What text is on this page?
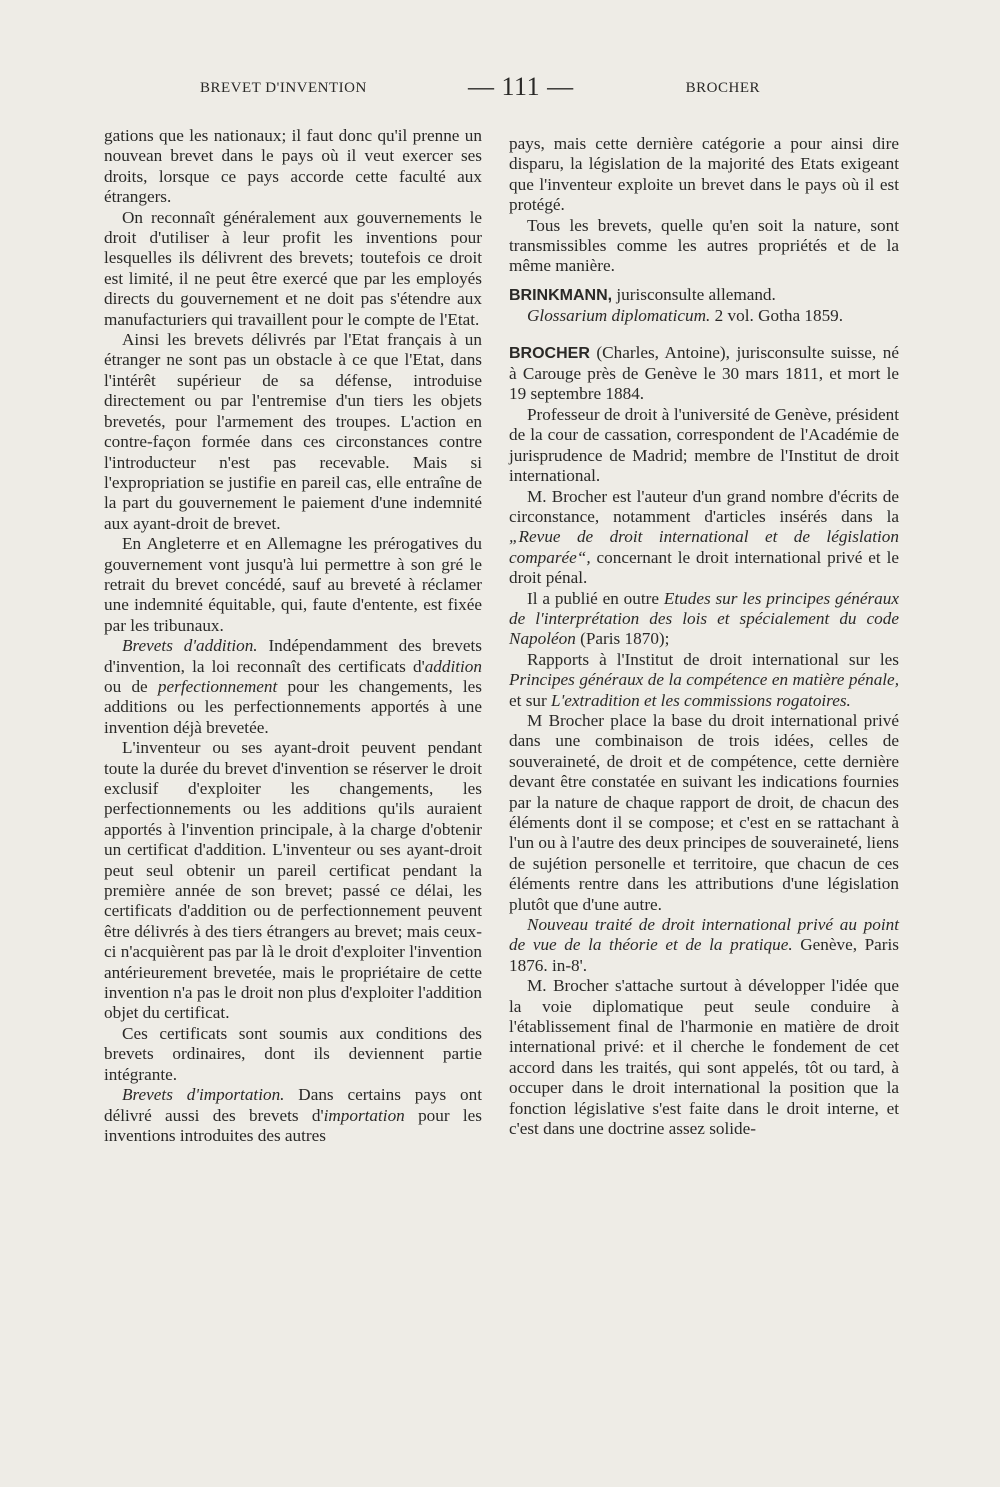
BREVET D'INVENTION	— 111 —	BROCHER

gations que les nationaux; il faut donc qu'il prenne un nouvean brevet dans le pays où il veut exercer ses droits, lorsque ce pays accorde cette faculté aux étrangers.

On reconnaît généralement aux gouvernements le droit d'utiliser à leur profit les inventions pour lesquelles ils délivrent des brevets; toutefois ce droit est limité, il ne peut être exercé que par les employés directs du gouvernement et ne doit pas s'étendre aux manufacturiers qui travaillent pour le compte de l'Etat.

Ainsi les brevets délivrés par l'Etat français à un étranger ne sont pas un obstacle à ce que l'Etat, dans l'intérêt supérieur de sa défense, introduise directement ou par l'entremise d'un tiers les objets brevetés, pour l'armement des troupes. L'action en contre-façon formée dans ces circonstances contre l'introducteur n'est pas recevable. Mais si l'expropriation se justifie en pareil cas, elle entraîne de la part du gouvernement le paiement d'une indemnité aux ayant-droit de brevet.

En Angleterre et en Allemagne les prérogatives du gouvernement vont jusqu'à lui permettre à son gré le retrait du brevet concédé, sauf au breveté à réclamer une indemnité équitable, qui, faute d'entente, est fixée par les tribunaux.

Brevets d'addition. Indépendamment des brevets d'invention, la loi reconnaît des certificats d'addition ou de perfectionnement pour les changements, les additions ou les perfectionnements apportés à une invention déjà brevetée.

L'inventeur ou ses ayant-droit peuvent pendant toute la durée du brevet d'invention se réserver le droit exclusif d'exploiter les changements, les perfectionnements ou les additions qu'ils auraient apportés à l'invention principale, à la charge d'obtenir un certificat d'addition. L'inventeur ou ses ayant-droit peut seul obtenir un pareil certificat pendant la première année de son brevet; passé ce délai, les certificats d'addition ou de perfectionnement peuvent être délivrés à des tiers étrangers au brevet; mais ceux-ci n'acquièrent pas par là le droit d'exploiter l'invention antérieurement brevetée, mais le propriétaire de cette invention n'a pas le droit non plus d'exploiter l'addition objet du certificat.

Ces certificats sont soumis aux conditions des brevets ordinaires, dont ils deviennent partie intégrante.

Brevets d'importation. Dans certains pays ont délivré aussi des brevets d'importation pour les inventions introduites des autres

pays, mais cette dernière catégorie a pour ainsi dire disparu, la législation de la majorité des Etats exigeant que l'inventeur exploite un brevet dans le pays où il est protégé.

Tous les brevets, quelle qu'en soit la nature, sont transmissibles comme les autres propriétés et de la même manière.

BRINKMANN, jurisconsulte allemand.

Glossarium diplomaticum. 2 vol. Gotha 1859.

BROCHER (Charles, Antoine), jurisconsulte suisse, né à Carouge près de Genève le 30 mars 1811, et mort le 19 septembre 1884.

Professeur de droit à l'université de Genève, président de la cour de cassation, correspondent de l'Académie de jurisprudence de Madrid; membre de l'Institut de droit international.

M. Brocher est l'auteur d'un grand nombre d'écrits de circonstance, notamment d'articles insérés dans la „Revue de droit international et de législation comparée“, concernant le droit international privé et le droit pénal.

Il a publié en outre Etudes sur les principes généraux de l'interprétation des lois et spécialement du code Napoléon (Paris 1870);

Rapports à l'Institut de droit international sur les Principes généraux de la compétence en matière pénale, et sur L'extradition et les commissions rogatoires.

M Brocher place la base du droit international privé dans une combinaison de trois idées, celles de souveraineté, de droit et de compétence, cette dernière devant être constatée en suivant les indications fournies par la nature de chaque rapport de droit, de chacun des éléments dont il se compose; et c'est en se rattachant à l'un ou à l'autre des deux principes de souveraineté, liens de sujétion personelle et territoire, que chacun de ces éléments rentre dans les attributions d'une législation plutôt que d'une autre.

Nouveau traité de droit international privé au point de vue de la théorie et de la pratique. Genève, Paris 1876. in-8'.

M. Brocher s'attache surtout à développer l'idée que la voie diplomatique peut seule conduire à l'établissement final de l'harmonie en matière de droit international privé: et il cherche le fondement de cet accord dans les traités, qui sont appelés, tôt ou tard, à occuper dans le droit international la position que la fonction législative s'est faite dans le droit interne, et c'est dans une doctrine assez solide-
